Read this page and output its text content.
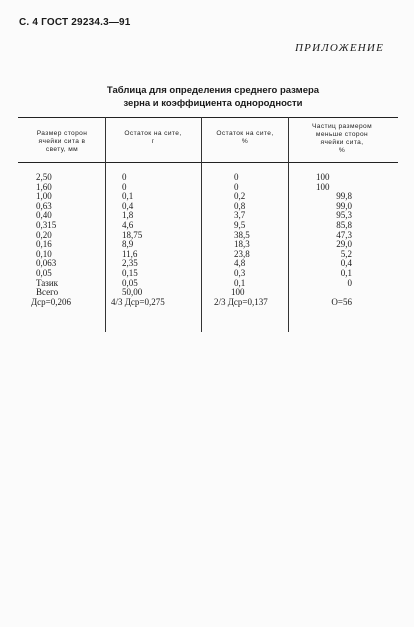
С. 4 ГОСТ 29234.3—91
ПРИЛОЖЕНИЕ
Таблица для определения среднего размера
зерна и коэффициента однородности
Размер сторон
ячейки сита в
свету, мм
Остаток на сите,
г
Остаток на сите,
%
Частиц размером
меньше сторон
ячейки сита,
%
2,50
1,60
1,00
0,63
0,40
0,315
0,20
0,16
0,10
0,063
0,05
Тазик
Всего
Дср=0,206
0
0
0,1
0,4
1,8
4,6
18,75
8,9
11,6
2,35
0,15
0,05
50,00
4/3 Дср=0,275
0
0
0,2
0,8
3,7
9,5
38,5
18,3
23,8
4,8
0,3
0,1
100
2/3 Дср=0,137
100
100
99,8
99,0
95,3
85,8
47,3
29,0
5,2
0,4
0,1
0
О=56
